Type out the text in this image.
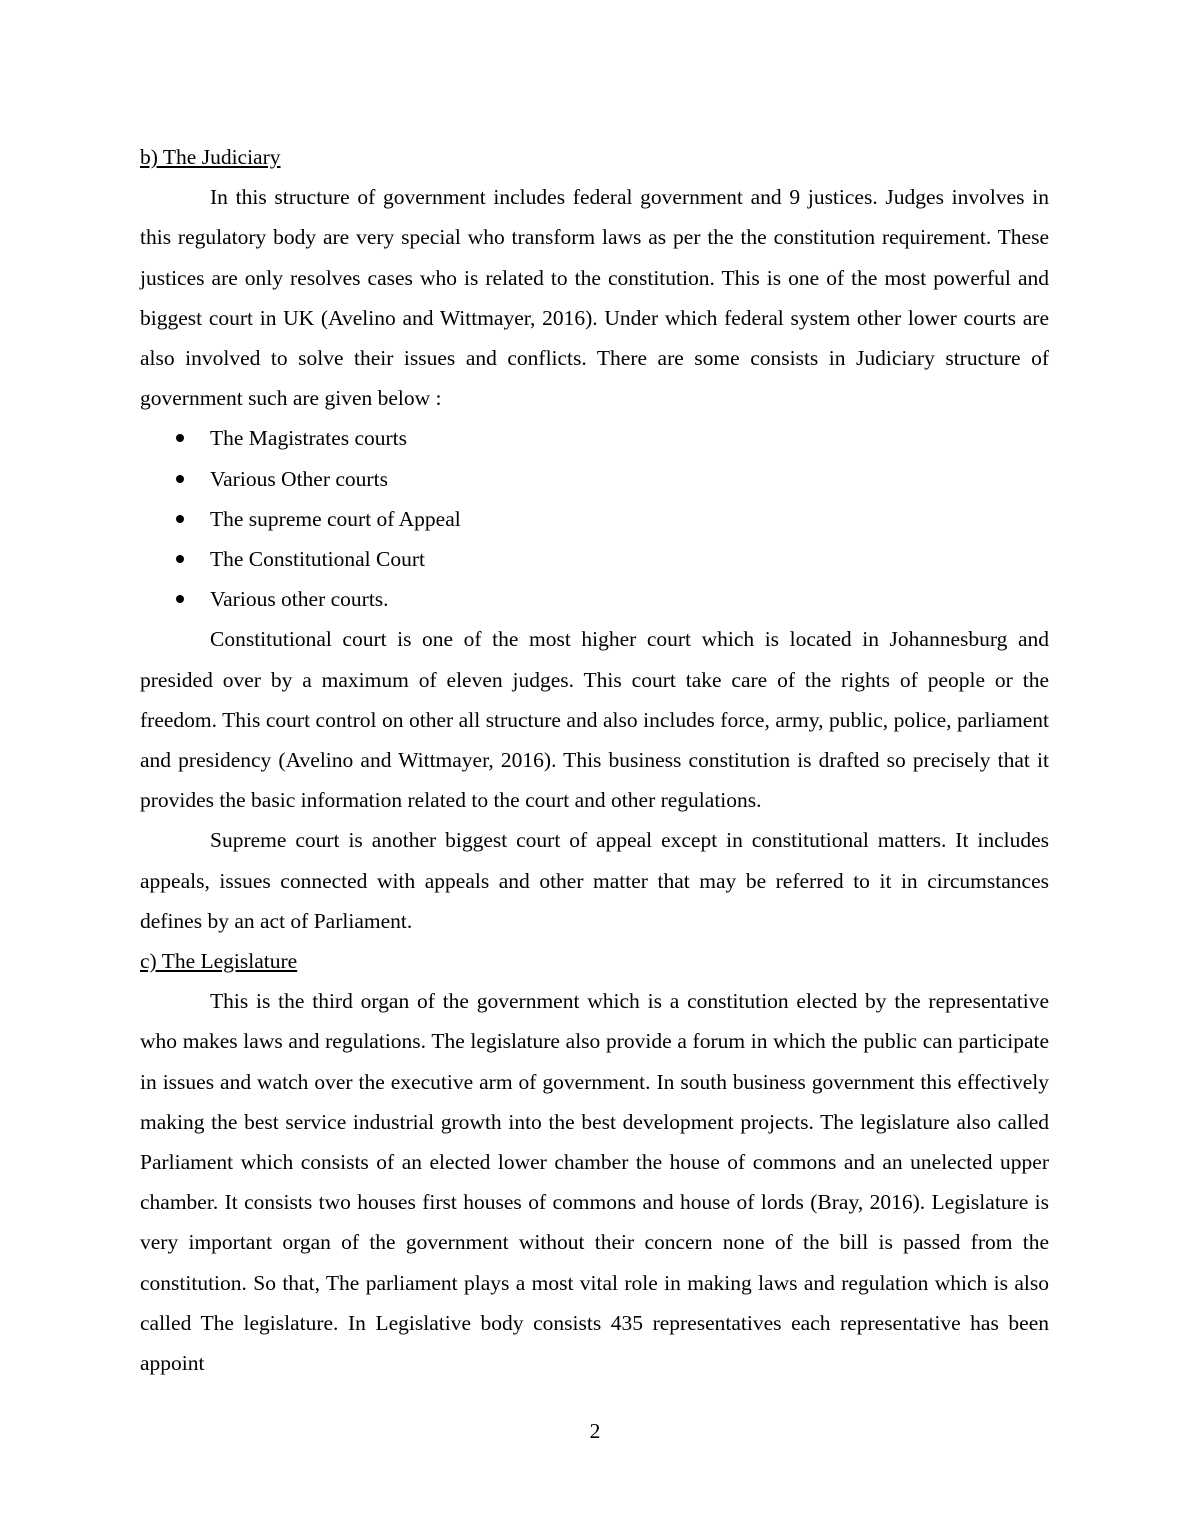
b) The Judiciary

In this structure of government includes federal government and 9 justices. Judges involves in this regulatory body are very special who transform laws as per the the constitution requirement. These justices are only resolves cases who is related to the constitution. This is one of the most powerful and biggest court in UK (Avelino and Wittmayer, 2016). Under which federal system other lower courts are also involved to solve their issues and conflicts. There are some consists in Judiciary structure of government such are given below :

The Magistrates courts
Various Other courts
The supreme court of Appeal
The Constitutional Court
Various other courts.

Constitutional court is one of the most higher court which is located in Johannesburg and presided over by a maximum of eleven judges. This court take care of the rights of people or the freedom. This court control on other all structure and also includes force, army, public, police, parliament and presidency (Avelino and Wittmayer, 2016). This business constitution is drafted so precisely that it provides the basic information related to the court and other regulations.

Supreme court is another biggest court of appeal except in constitutional matters. It includes appeals, issues connected with appeals and other matter that may be referred to it in circumstances defines by an act of Parliament.

c) The Legislature

This is the third organ of the government which is a constitution elected by the representative who makes laws and regulations. The legislature also provide a forum in which the public can participate in issues and watch over the executive arm of government. In south business government this effectively making the best service industrial growth into the best development projects. The legislature also called Parliament which consists of an elected lower chamber the house of commons and an unelected upper chamber. It consists two houses first houses of commons and house of lords (Bray, 2016). Legislature is very important organ of the government without their concern none of the bill is passed from the constitution. So that, The parliament plays a most vital role in making laws and regulation which is also called The legislature. In Legislative body consists 435 representatives each representative has been appoint

2
